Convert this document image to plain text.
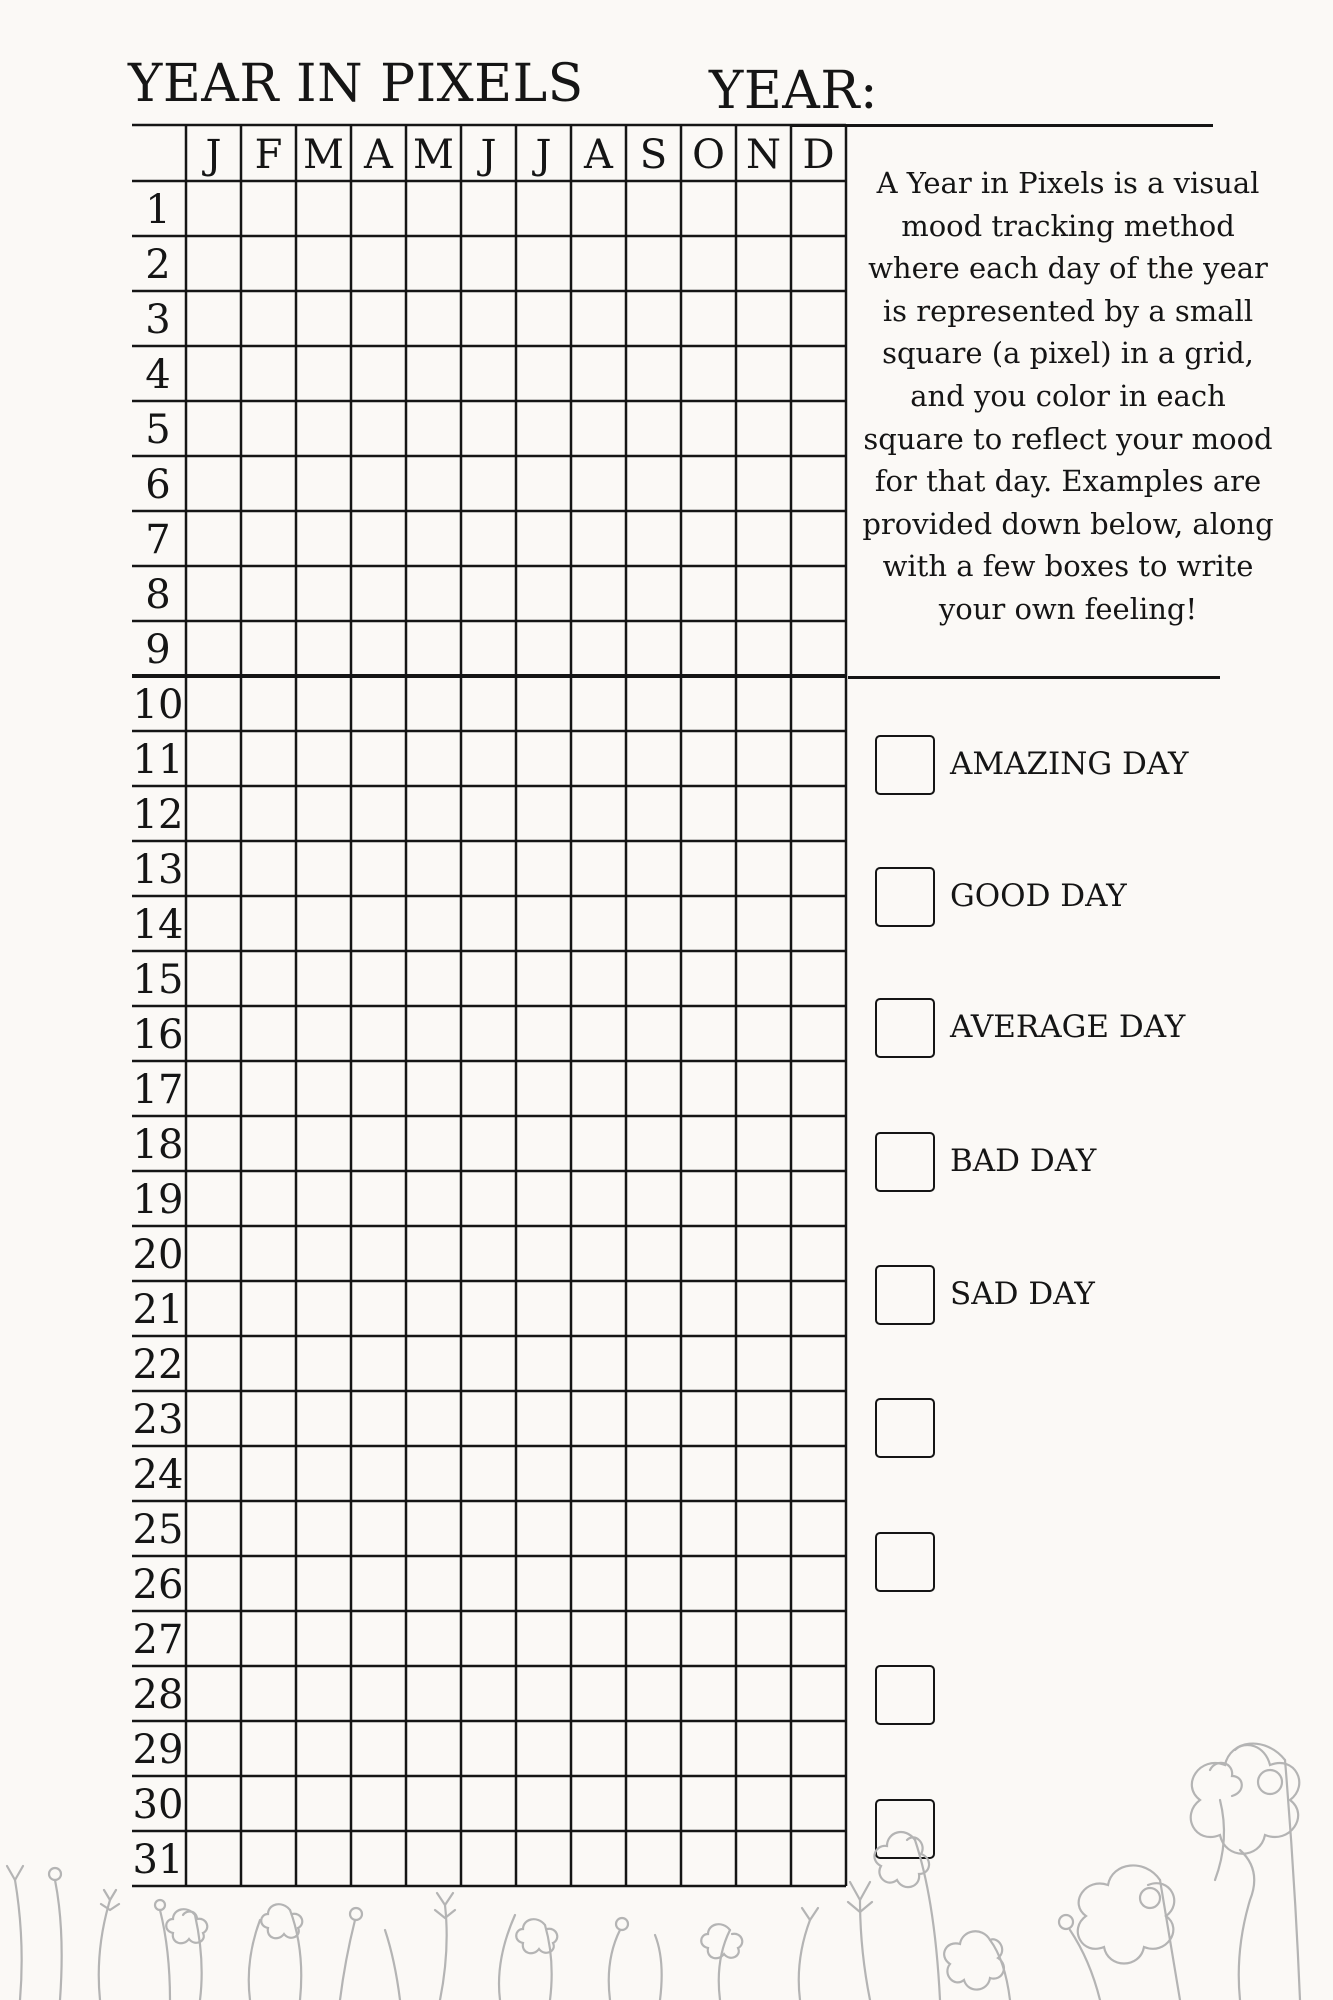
YEAR IN PIXELS YEAR:
J F M A M J J A S O N D
1
2
3
4
5
6
7
8
9
10
11
12
13
14
15
16
17
18
19
20
21
22
23
24
25
26
27
28
29
30
31

A Year in Pixels is a visual mood tracking method where each day of the year is represented by a small square (a pixel) in a grid, and you color in each square to reflect your mood for that day. Examples are provided down below, along with a few boxes to write your own feeling!

AMAZING DAY
GOOD DAY
AVERAGE DAY
BAD DAY
SAD DAY
